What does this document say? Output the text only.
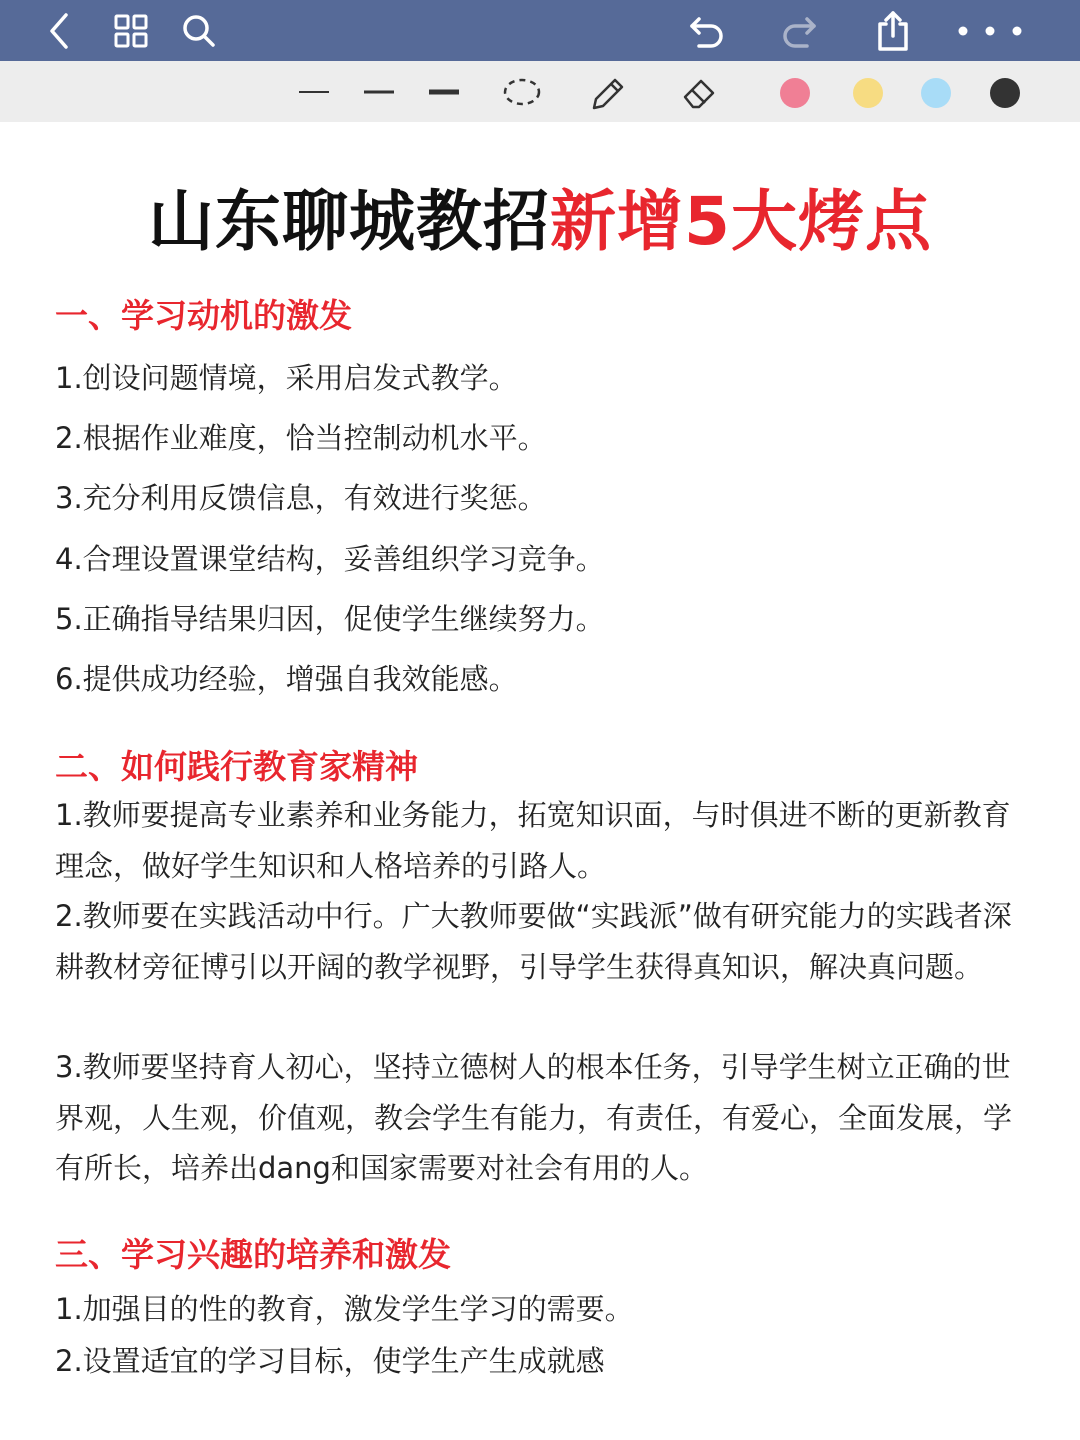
山东聊城教招新增5大烤点
一、学习动机的激发
1.创设问题情境，采用启发式教学。
2.根据作业难度，恰当控制动机水平。
3.充分利用反馈信息，有效进行奖惩。
4.合理设置课堂结构，妥善组织学习竞争。
5.正确指导结果归因，促使学生继续努力。
6.提供成功经验，增强自我效能感。
二、如何践行教育家精神
1.教师要提高专业素养和业务能力，拓宽知识面，与时俱进不断的更新教育理念，做好学生知识和人格培养的引路人。
2.教师要在实践活动中行。广大教师要做“实践派”做有研究能力的实践者深耕教材旁征博引以开阔的教学视野，引导学生获得真知识，解决真问题。
3.教师要坚持育人初心，坚持立德树人的根本任务，引导学生树立正确的世界观，人生观，价值观，教会学生有能力，有责任，有爱心，全面发展，学有所长，培养出dang和国家需要对社会有用的人。
三、学习兴趣的培养和激发
1.加强目的性的教育，激发学生学习的需要。
2.设置适宜的学习目标，使学生产生成就感
